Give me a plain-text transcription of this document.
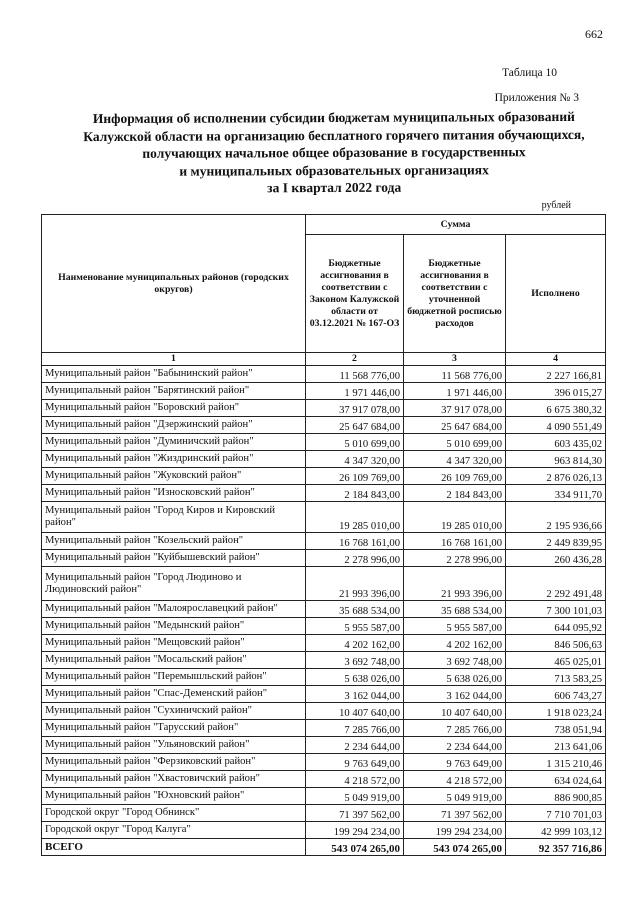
662
Таблица 10
Приложения № 3
Информация об исполнении субсидии бюджетам муниципальных образований
Калужской области на организацию бесплатного горячего питания обучающихся,
получающих начальное общее образование в государственных
и муниципальных образовательных организациях
за I квартал 2022 года
рублей
Наименование муниципальных районов (городских округов)	Сумма		
	Бюджетные ассигнования в соответствии с Законом Калужской области от 03.12.2021 № 167-ОЗ	Бюджетные ассигнования в соответствии с уточненной бюджетной росписью расходов	Исполнено
1	2	3	4
Муниципальный район "Бабынинский район"	11 568 776,00	11 568 776,00	2 227 166,81
Муниципальный район "Барятинский район"	1 971 446,00	1 971 446,00	396 015,27
Муниципальный район "Боровский район"	37 917 078,00	37 917 078,00	6 675 380,32
Муниципальный район "Дзержинский район"	25 647 684,00	25 647 684,00	4 090 551,49
Муниципальный район "Думиничский район"	5 010 699,00	5 010 699,00	603 435,02
Муниципальный район "Жиздринский район"	4 347 320,00	4 347 320,00	963 814,30
Муниципальный район "Жуковский район"	26 109 769,00	26 109 769,00	2 876 026,13
Муниципальный район "Износковский район"	2 184 843,00	2 184 843,00	334 911,70
Муниципальный район "Город Киров и Кировский район"	19 285 010,00	19 285 010,00	2 195 936,66
Муниципальный район "Козельский район"	16 768 161,00	16 768 161,00	2 449 839,95
Муниципальный район "Куйбышевский район"	2 278 996,00	2 278 996,00	260 436,28
Муниципальный район "Город Людиново и Людиновский район"	21 993 396,00	21 993 396,00	2 292 491,48
Муниципальный район "Малоярославецкий район"	35 688 534,00	35 688 534,00	7 300 101,03
Муниципальный район "Медынский район"	5 955 587,00	5 955 587,00	644 095,92
Муниципальный район "Мещовский район"	4 202 162,00	4 202 162,00	846 506,63
Муниципальный район "Мосальский район"	3 692 748,00	3 692 748,00	465 025,01
Муниципальный район "Перемышльский район"	5 638 026,00	5 638 026,00	713 583,25
Муниципальный район "Спас-Деменский район"	3 162 044,00	3 162 044,00	606 743,27
Муниципальный район "Сухиничский район"	10 407 640,00	10 407 640,00	1 918 023,24
Муниципальный район "Тарусский район"	7 285 766,00	7 285 766,00	738 051,94
Муниципальный район "Ульяновский район"	2 234 644,00	2 234 644,00	213 641,06
Муниципальный район "Ферзиковский район"	9 763 649,00	9 763 649,00	1 315 210,46
Муниципальный район "Хвастовичский район"	4 218 572,00	4 218 572,00	634 024,64
Муниципальный район "Юхновский район"	5 049 919,00	5 049 919,00	886 900,85
Городской округ "Город Обнинск"	71 397 562,00	71 397 562,00	7 710 701,03
Городской округ "Город Калуга"	199 294 234,00	199 294 234,00	42 999 103,12
ВСЕГО	543 074 265,00	543 074 265,00	92 357 716,86
